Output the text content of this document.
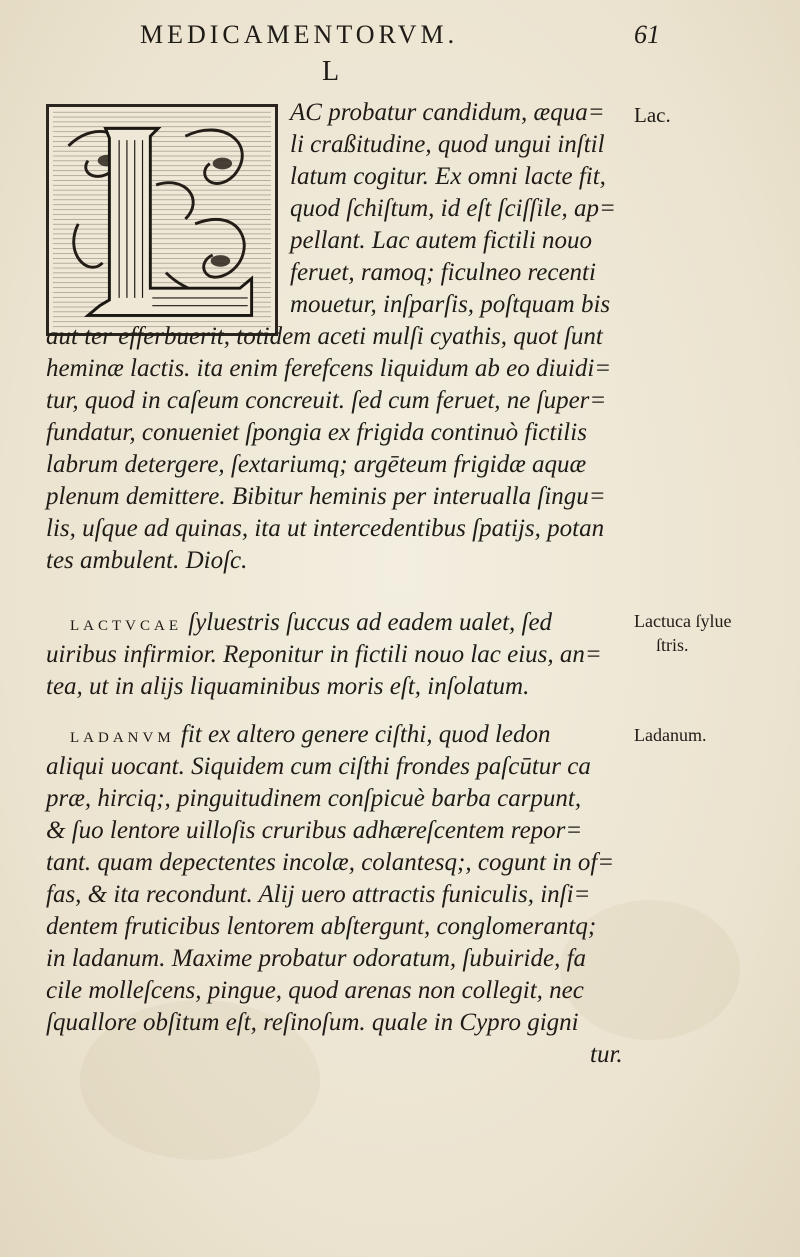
MEDICAMENTORVM.	61
L
AC probatur candidum, æqua=
li craßitudine, quod ungui inſtil
latum cogitur. Ex omni lacte fit,
quod ſchiſtum, id eſt ſciſſile, ap=
pellant. Lac autem fictili nouo
feruet, ramoq; ficulneo recenti
mouetur, inſparſis, poſtquam bis
aut ter efferbuerit, totidem aceti mulſi cyathis, quot ſunt
heminæ lactis. ita enim ferefcens liquidum ab eo diuidi=
tur, quod in caſeum concreuit. ſed cum feruet, ne ſuper=
fundatur, conueniet ſpongia ex frigida continuò fictilis
labrum detergere, ſextariumq; argēteum frigidæ aquæ
plenum demittere. Bibitur heminis per interualla ſingu=
lis, uſque ad quinas, ita ut intercedentibus ſpatijs, potan
tes ambulent. Dioſc.
LACTVCAE ſyluestris ſuccus ad eadem ualet, ſed
uiribus infirmior. Reponitur in fictili nouo lac eius, an=
tea, ut in alijs liquaminibus moris eſt, inſolatum.
LADANVM fit ex altero genere ciſthi, quod ledon
aliqui uocant. Siquidem cum ciſthi frondes paſcūtur ca
præ, hirciq;, pinguitudinem conſpicuè barba carpunt,
& ſuo lentore uilloſis cruribus adhæreſcentem repor=
tant. quam depectentes incolæ, colantesq;, cogunt in of=
fas, & ita recondunt. Alij uero attractis funiculis, inſi=
dentem fruticibus lentorem abſtergunt, conglomerantq;
in ladanum. Maxime probatur odoratum, ſubuiride, fa
cile molleſcens, pingue, quod arenas non collegit, nec
ſquallore obſitum eſt, reſinoſum. quale in Cypro gigni
tur.
Lac.
Lactuca ſylue
ſtris.
Ladanum.
